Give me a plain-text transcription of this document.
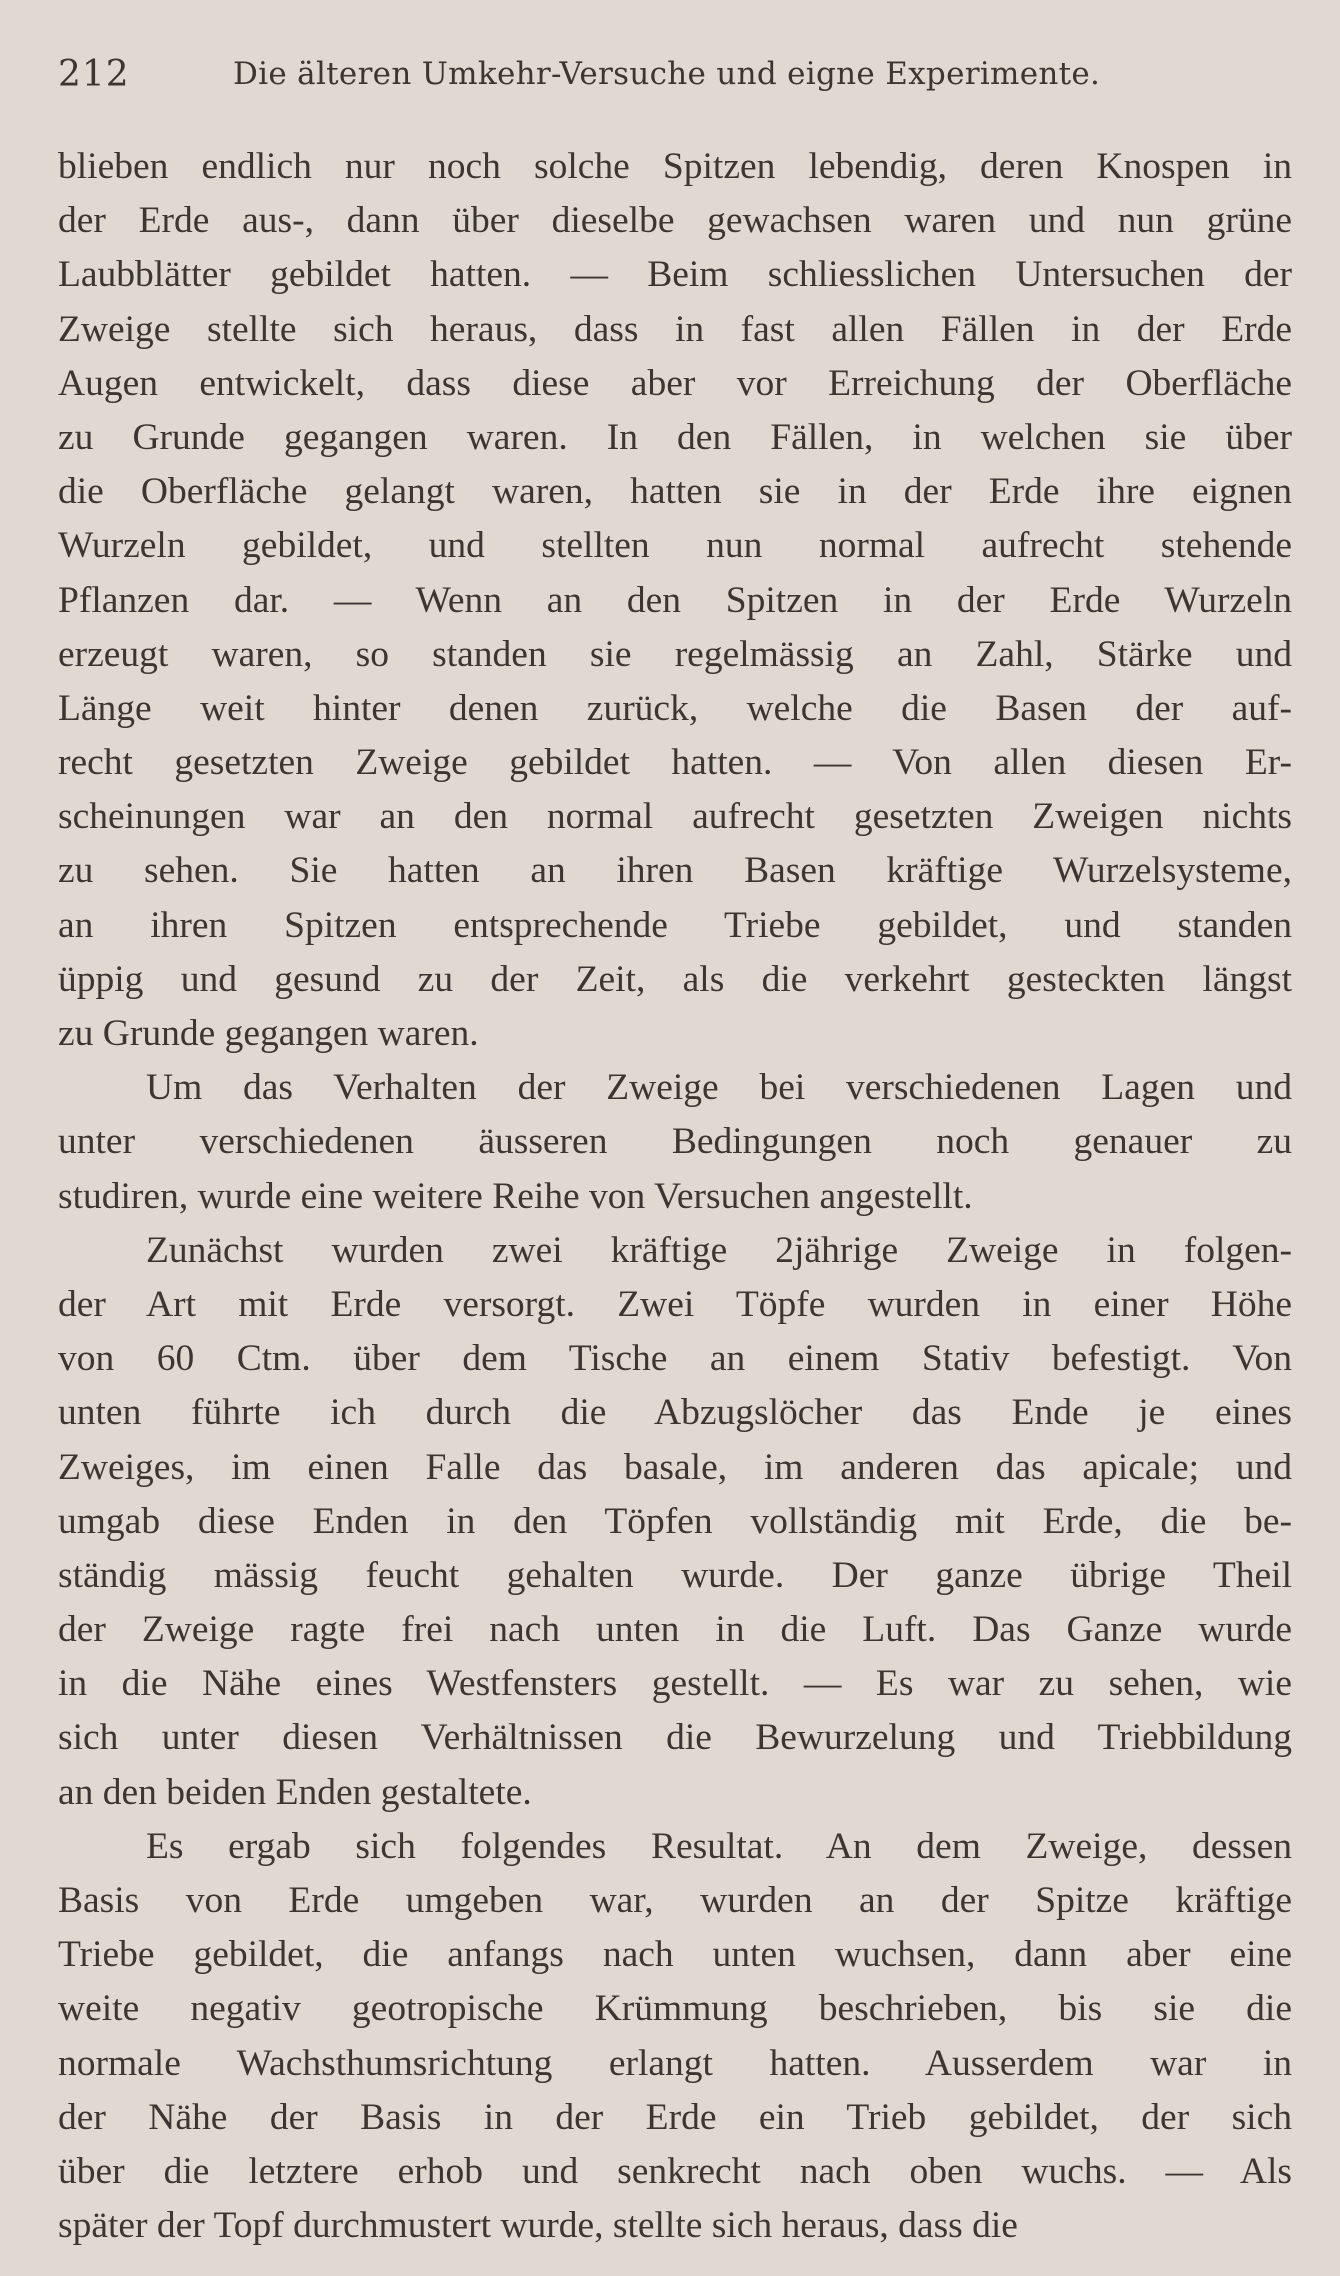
212	Die älteren Umkehr-Versuche und eigne Experimente.
blieben endlich nur noch solche Spitzen lebendig, deren Knospen in
der Erde aus-, dann über dieselbe gewachsen waren und nun grüne
Laubblätter gebildet hatten. — Beim schliesslichen Untersuchen der
Zweige stellte sich heraus, dass in fast allen Fällen in der Erde
Augen entwickelt, dass diese aber vor Erreichung der Oberfläche
zu Grunde gegangen waren. In den Fällen, in welchen sie über
die Oberfläche gelangt waren, hatten sie in der Erde ihre eignen
Wurzeln gebildet, und stellten nun normal aufrecht stehende
Pflanzen dar. — Wenn an den Spitzen in der Erde Wurzeln
erzeugt waren, so standen sie regelmässig an Zahl, Stärke und
Länge weit hinter denen zurück, welche die Basen der auf-
recht gesetzten Zweige gebildet hatten. — Von allen diesen Er-
scheinungen war an den normal aufrecht gesetzten Zweigen nichts
zu sehen. Sie hatten an ihren Basen kräftige Wurzelsysteme,
an ihren Spitzen entsprechende Triebe gebildet, und standen
üppig und gesund zu der Zeit, als die verkehrt gesteckten längst
zu Grunde gegangen waren.
Um das Verhalten der Zweige bei verschiedenen Lagen und
unter verschiedenen äusseren Bedingungen noch genauer zu
studiren, wurde eine weitere Reihe von Versuchen angestellt.
Zunächst wurden zwei kräftige 2jährige Zweige in folgen-
der Art mit Erde versorgt. Zwei Töpfe wurden in einer Höhe
von 60 Ctm. über dem Tische an einem Stativ befestigt. Von
unten führte ich durch die Abzugslöcher das Ende je eines
Zweiges, im einen Falle das basale, im anderen das apicale; und
umgab diese Enden in den Töpfen vollständig mit Erde, die be-
ständig mässig feucht gehalten wurde. Der ganze übrige Theil
der Zweige ragte frei nach unten in die Luft. Das Ganze wurde
in die Nähe eines Westfensters gestellt. — Es war zu sehen, wie
sich unter diesen Verhältnissen die Bewurzelung und Triebbildung
an den beiden Enden gestaltete.
Es ergab sich folgendes Resultat. An dem Zweige, dessen
Basis von Erde umgeben war, wurden an der Spitze kräftige
Triebe gebildet, die anfangs nach unten wuchsen, dann aber eine
weite negativ geotropische Krümmung beschrieben, bis sie die
normale Wachsthumsrichtung erlangt hatten. Ausserdem war in
der Nähe der Basis in der Erde ein Trieb gebildet, der sich
über die letztere erhob und senkrecht nach oben wuchs. — Als
später der Topf durchmustert wurde, stellte sich heraus, dass die
